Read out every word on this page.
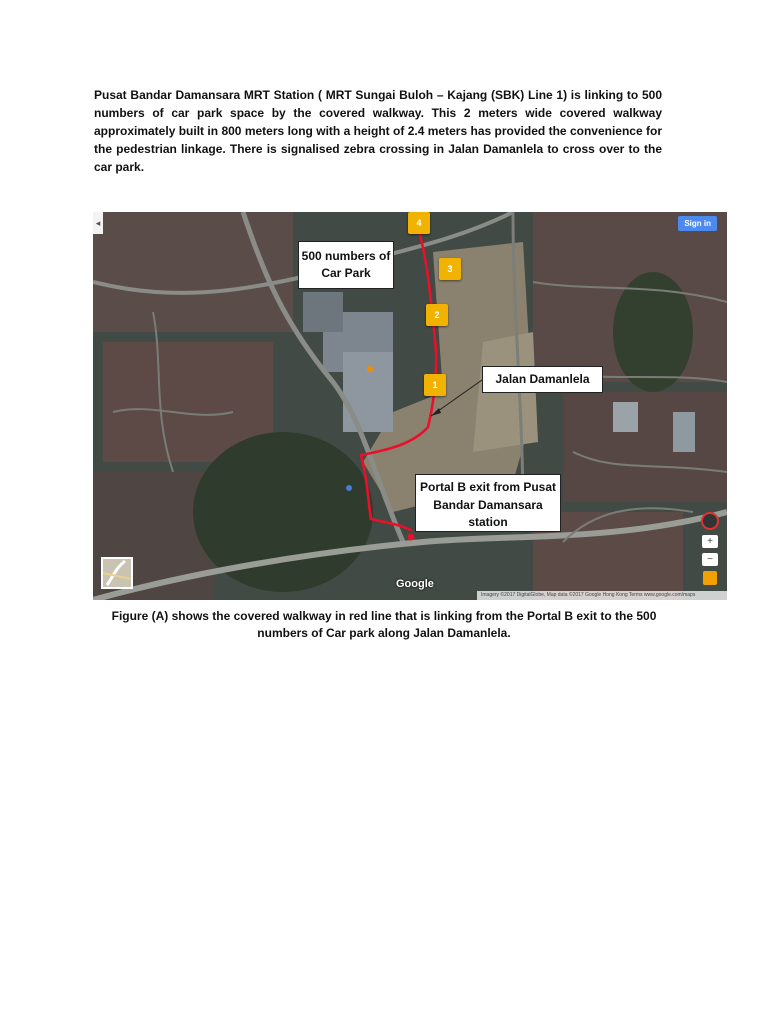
Pusat Bandar Damansara MRT Station ( MRT Sungai Buloh – Kajang (SBK) Line 1) is linking to 500 numbers of car park space by the covered walkway. This 2 meters wide covered walkway approximately built in 800 meters long with a height of 2.4 meters has provided the convenience for the pedestrian linkage. There is signalised zebra crossing in Jalan Damanlela to cross over to the car park.

◂	Sign in
4
3
2
1
500 numbers of Car Park
Jalan Damanlela
Portal B exit from Pusat Bandar Damansara station
+
−
Google
Imagery ©2017 DigitalGlobe, Map data ©2017 Google Hong Kong Terms www.google.com/maps

Figure (A) shows the covered walkway in red line that is linking from the Portal B exit to the 500 numbers of Car park along Jalan Damanlela.
